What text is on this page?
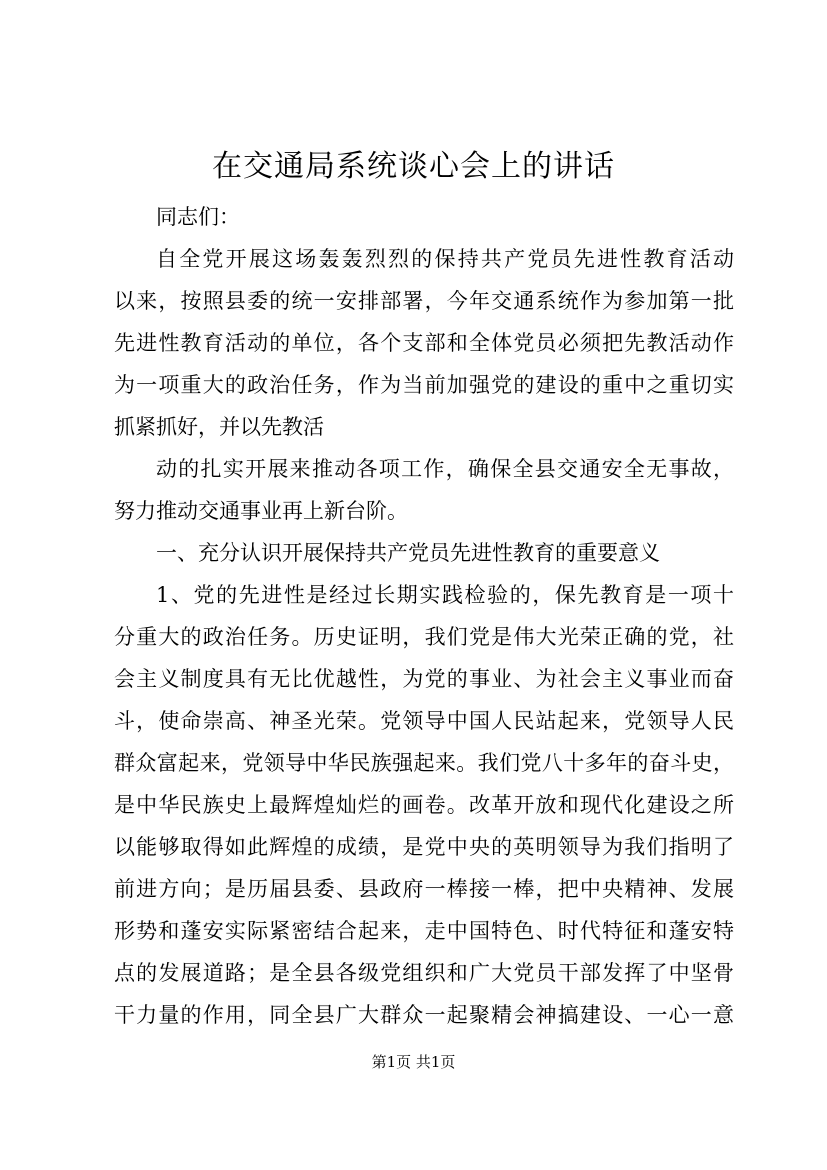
在交通局系统谈心会上的讲话
同志们：
自全党开展这场轰轰烈烈的保持共产党员先进性教育活动
以来，按照县委的统一安排部署，今年交通系统作为参加第一批
先进性教育活动的单位，各个支部和全体党员必须把先教活动作
为一项重大的政治任务，作为当前加强党的建设的重中之重切实
抓紧抓好，并以先教活
动的扎实开展来推动各项工作，确保全县交通安全无事故，
努力推动交通事业再上新台阶。
一、充分认识开展保持共产党员先进性教育的重要意义
1、党的先进性是经过长期实践检验的，保先教育是一项十
分重大的政治任务。历史证明，我们党是伟大光荣正确的党，社
会主义制度具有无比优越性，为党的事业、为社会主义事业而奋
斗，使命崇高、神圣光荣。党领导中国人民站起来，党领导人民
群众富起来，党领导中华民族强起来。我们党八十多年的奋斗史，
是中华民族史上最辉煌灿烂的画卷。改革开放和现代化建设之所
以能够取得如此辉煌的成绩，是党中央的英明领导为我们指明了
前进方向；是历届县委、县政府一棒接一棒，把中央精神、发展
形势和蓬安实际紧密结合起来，走中国特色、时代特征和蓬安特
点的发展道路；是全县各级党组织和广大党员干部发挥了中坚骨
干力量的作用，同全县广大群众一起聚精会神搞建设、一心一意
第1页 共1页
